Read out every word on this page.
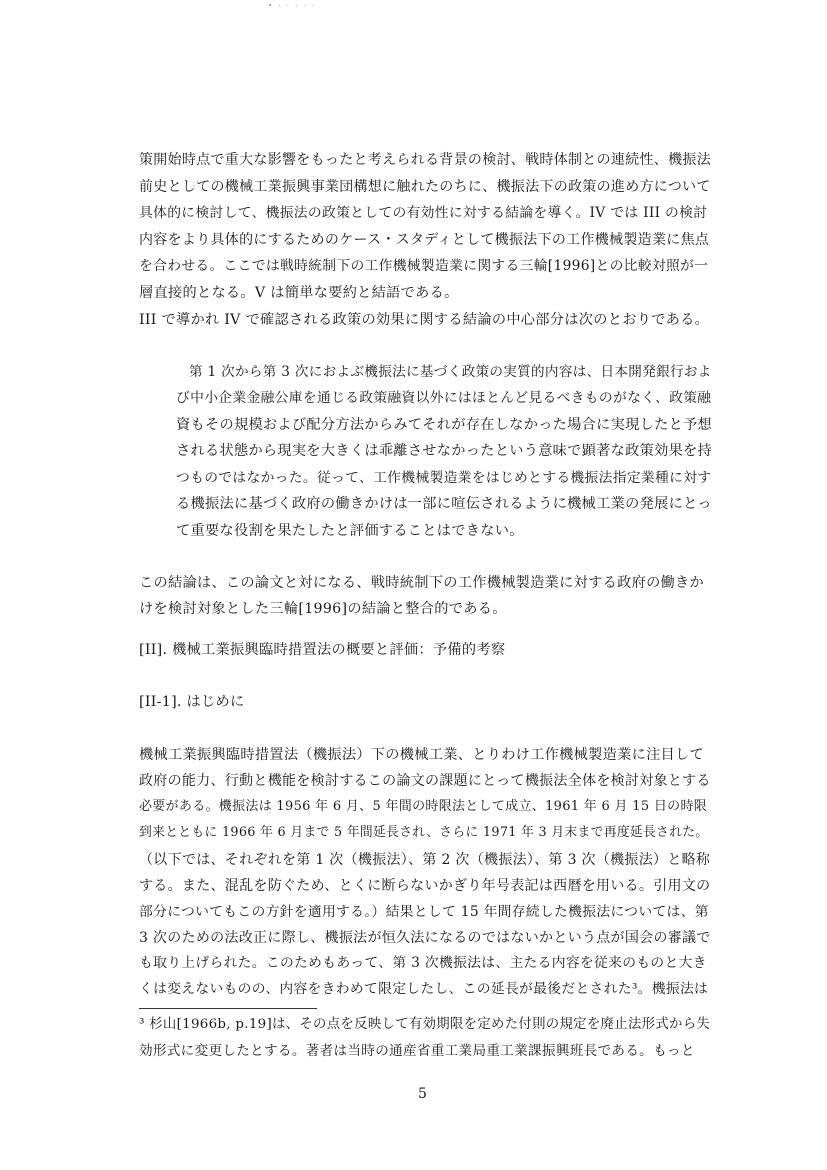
• · · · · ·
策開始時点で重大な影響をもったと考えられる背景の検討、戦時体制との連続性、機振法
前史としての機械工業振興事業団構想に触れたのちに、機振法下の政策の進め方について
具体的に検討して、機振法の政策としての有効性に対する結論を導く。IV では III の検討
内容をより具体的にするためのケース・スタディとして機振法下の工作機械製造業に焦点
を合わせる。ここでは戦時統制下の工作機械製造業に関する三輪[1996]との比較対照が一
層直接的となる。V は簡単な要約と結語である。
III で導かれ IV で確認される政策の効果に関する結論の中心部分は次のとおりである。
第 1 次から第 3 次におよぶ機振法に基づく政策の実質的内容は、日本開発銀行およ
び中小企業金融公庫を通じる政策融資以外にはほとんど見るべきものがなく、政策融
資もその規模および配分方法からみてそれが存在しなかった場合に実現したと予想
される状態から現実を大きくは乖離させなかったという意味で顕著な政策効果を持
つものではなかった。従って、工作機械製造業をはじめとする機振法指定業種に対す
る機振法に基づく政府の働きかけは一部に喧伝されるように機械工業の発展にとっ
て重要な役割を果たしたと評価することはできない。
この結論は、この論文と対になる、戦時統制下の工作機械製造業に対する政府の働きか
けを検討対象とした三輪[1996]の結論と整合的である。
[II]. 機械工業振興臨時措置法の概要と評価：予備的考察
[II-1]. はじめに
機械工業振興臨時措置法（機振法）下の機械工業、とりわけ工作機械製造業に注目して
政府の能力、行動と機能を検討するこの論文の課題にとって機振法全体を検討対象とする
必要がある。機振法は 1956 年 6 月、5 年間の時限法として成立、1961 年 6 月 15 日の時限
到来とともに 1966 年 6 月まで 5 年間延長され、さらに 1971 年 3 月末まで再度延長された。
（以下では、それぞれを第 1 次（機振法）、第 2 次（機振法）、第 3 次（機振法）と略称
する。また、混乱を防ぐため、とくに断らないかぎり年号表記は西暦を用いる。引用文の
部分についてもこの方針を適用する。）結果として 15 年間存続した機振法については、第
3 次のための法改正に際し、機振法が恒久法になるのではないかという点が国会の審議で
も取り上げられた。このためもあって、第 3 次機振法は、主たる内容を従来のものと大き
くは変えないものの、内容をきわめて限定したし、この延長が最後だとされた³。機振法は
³ 杉山[1966b, p.19]は、その点を反映して有効期限を定めた付則の規定を廃止法形式から失
効形式に変更したとする。著者は当時の通産省重工業局重工業課振興班長である。もっと
5
